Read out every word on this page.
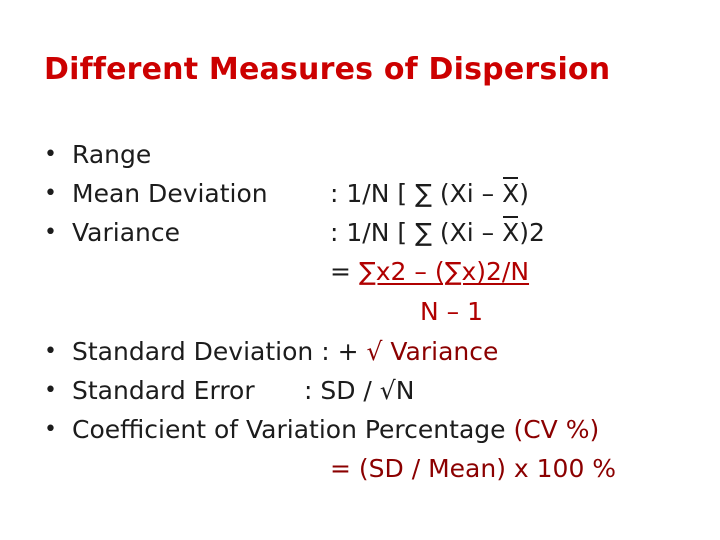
Different Measures of Dispersion
• Range
• Mean Deviation : 1/N [ ∑ (Xi – X)
• Variance	: 1/N [ ∑ (Xi – X)2
= ∑x2 – (∑x)2/N
N – 1
• Standard Deviation : + √ Variance
• Standard Error : SD / √N
• Coefficient of Variation Percentage (CV %)
= (SD / Mean) x 100 %
